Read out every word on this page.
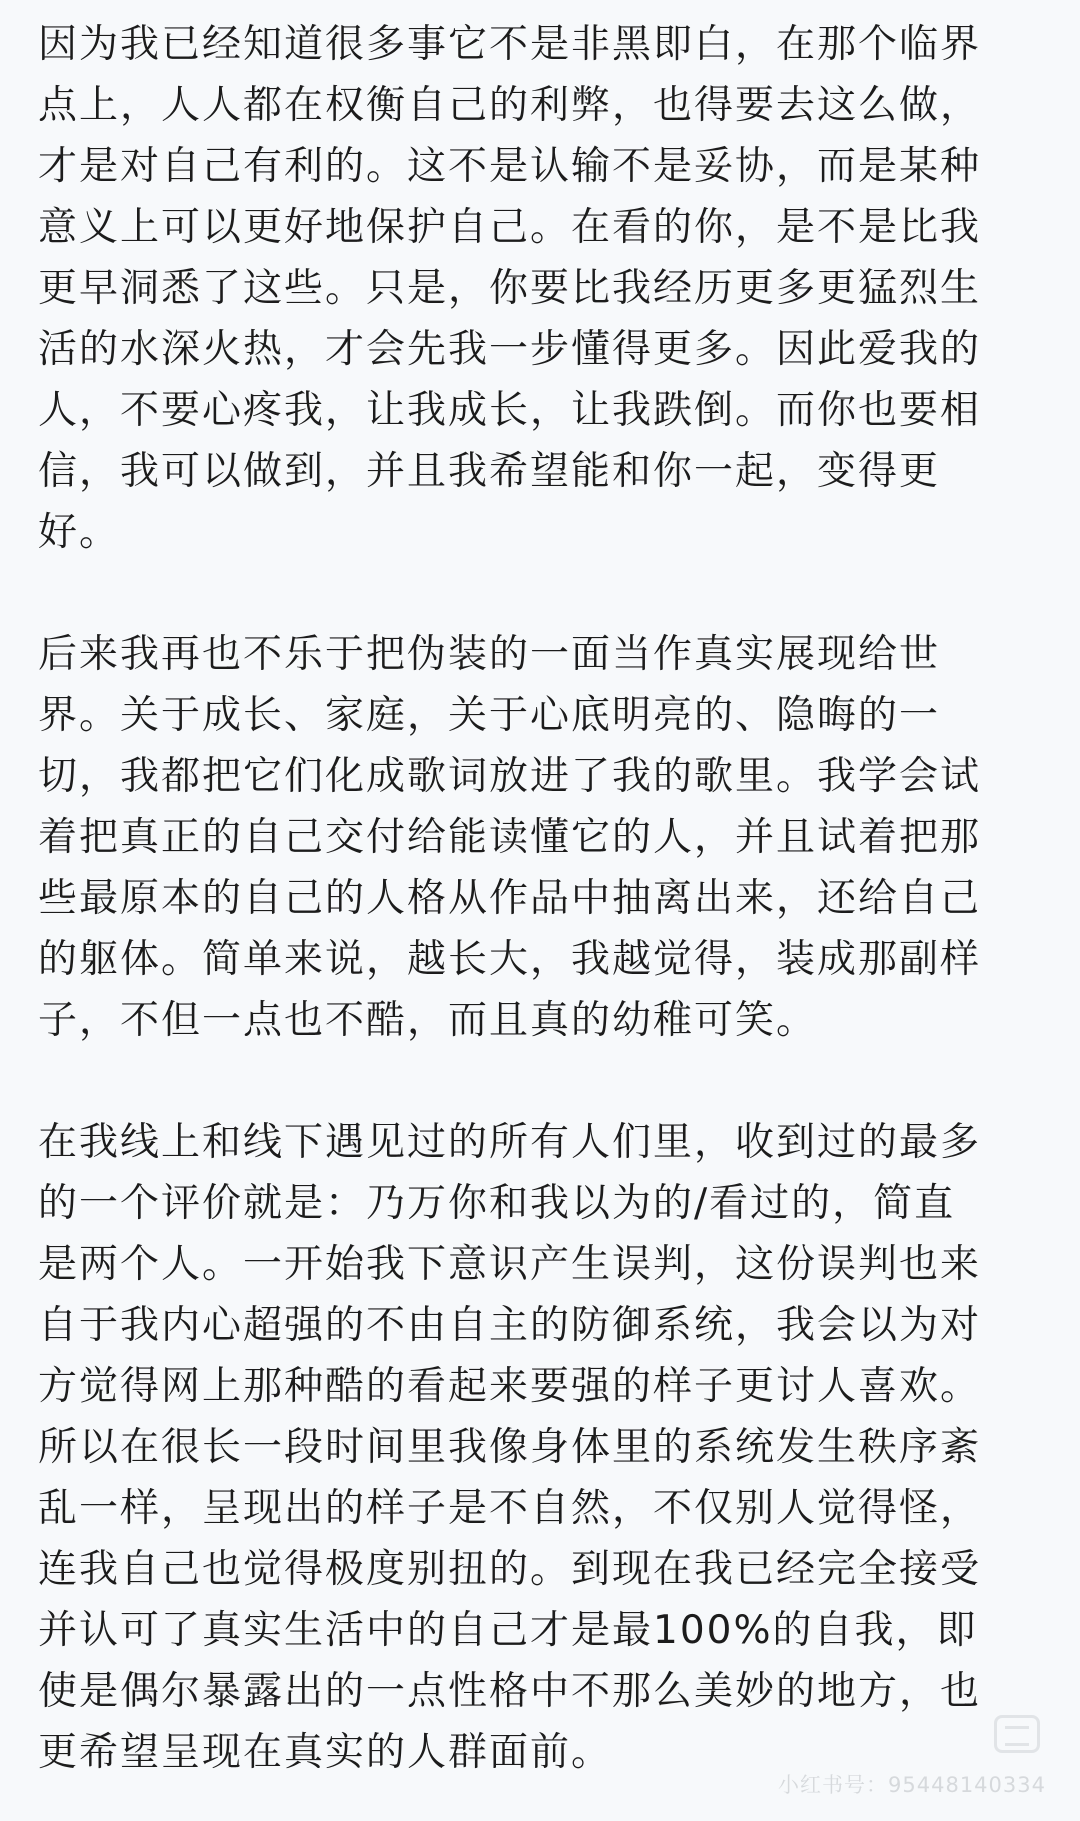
因为我已经知道很多事它不是非黑即白，在那个临界
点上，人人都在权衡自己的利弊，也得要去这么做，
才是对自己有利的。这不是认输不是妥协，而是某种
意义上可以更好地保护自己。在看的你，是不是比我
更早洞悉了这些。只是，你要比我经历更多更猛烈生
活的水深火热，才会先我一步懂得更多。因此爱我的
人，不要心疼我，让我成长，让我跌倒。而你也要相
信，我可以做到，并且我希望能和你一起，变得更
好。

后来我再也不乐于把伪装的一面当作真实展现给世
界。关于成长、家庭，关于心底明亮的、隐晦的一
切，我都把它们化成歌词放进了我的歌里。我学会试
着把真正的自己交付给能读懂它的人，并且试着把那
些最原本的自己的人格从作品中抽离出来，还给自己
的躯体。简单来说，越长大，我越觉得，装成那副样
子，不但一点也不酷，而且真的幼稚可笑。

在我线上和线下遇见过的所有人们里，收到过的最多
的一个评价就是：乃万你和我以为的/看过的，简直
是两个人。一开始我下意识产生误判，这份误判也来
自于我内心超强的不由自主的防御系统，我会以为对
方觉得网上那种酷的看起来要强的样子更讨人喜欢。
所以在很长一段时间里我像身体里的系统发生秩序紊
乱一样，呈现出的样子是不自然，不仅别人觉得怪，
连我自己也觉得极度别扭的。到现在我已经完全接受
并认可了真实生活中的自己才是最100%的自我，即
使是偶尔暴露出的一点性格中不那么美妙的地方，也
更希望呈现在真实的人群面前。

小红书号：95448140334
